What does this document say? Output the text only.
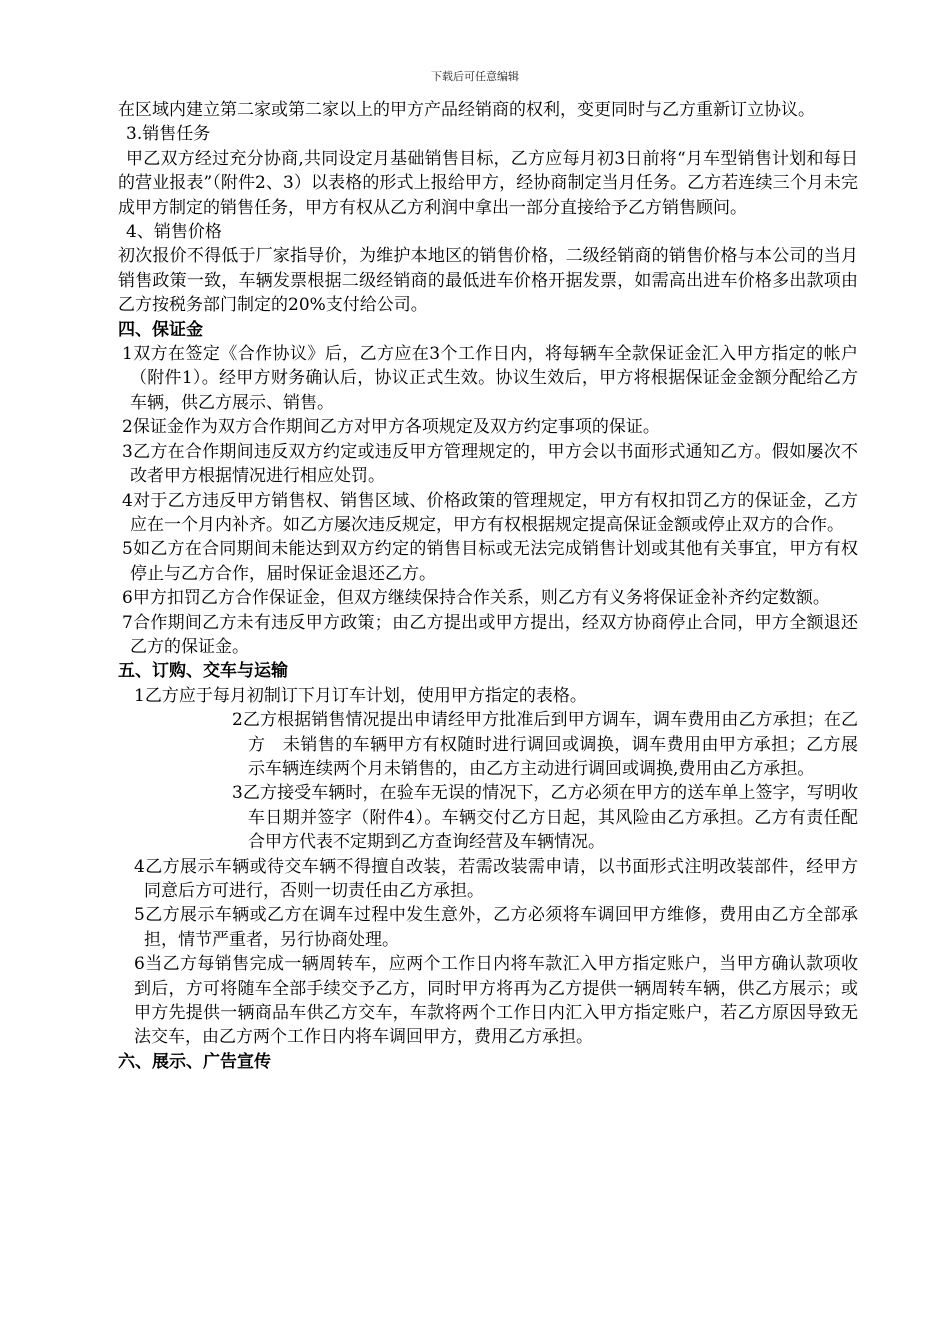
下载后可任意编辑

在区域内建立第二家或第二家以上的甲方产品经销商的权利，变更同时与乙方重新订立协议。

3.销售任务

甲乙双方经过充分协商,共同设定月基础销售目标，乙方应每月初3日前将“月车型销售计划和每日的营业报表”（附件2、3）以表格的形式上报给甲方，经协商制定当月任务。乙方若连续三个月未完成甲方制定的销售任务，甲方有权从乙方利润中拿出一部分直接给予乙方销售顾问。

4、销售价格

初次报价不得低于厂家指导价，为维护本地区的销售价格，二级经销商的销售价格与本公司的当月销售政策一致，车辆发票根据二级经销商的最低进车价格开据发票，如需高出进车价格多出款项由乙方按税务部门制定的20%支付给公司。

四、保证金

1双方在签定《合作协议》后，乙方应在3个工作日内，将每辆车全款保证金汇入甲方指定的帐户（附件1）。经甲方财务确认后，协议正式生效。协议生效后，甲方将根据保证金金额分配给乙方车辆，供乙方展示、销售。

2保证金作为双方合作期间乙方对甲方各项规定及双方约定事项的保证。

3乙方在合作期间违反双方约定或违反甲方管理规定的，甲方会以书面形式通知乙方。假如屡次不改者甲方根据情况进行相应处罚。

4对于乙方违反甲方销售权、销售区域、价格政策的管理规定，甲方有权扣罚乙方的保证金，乙方应在一个月内补齐。如乙方屡次违反规定，甲方有权根据规定提高保证金额或停止双方的合作。

5如乙方在合同期间未能达到双方约定的销售目标或无法完成销售计划或其他有关事宜，甲方有权停止与乙方合作，届时保证金退还乙方。

6甲方扣罚乙方合作保证金，但双方继续保持合作关系，则乙方有义务将保证金补齐约定数额。

7合作期间乙方未有违反甲方政策；由乙方提出或甲方提出，经双方协商停止合同，甲方全额退还乙方的保证金。

五、订购、交车与运输

1乙方应于每月初制订下月订车计划，使用甲方指定的表格。

2乙方根据销售情况提出申请经甲方批准后到甲方调车，调车费用由乙方承担；在乙方　未销售的车辆甲方有权随时进行调回或调换，调车费用由甲方承担；乙方展示车辆连续两个月未销售的，由乙方主动进行调回或调换,费用由乙方承担。

3乙方接受车辆时，在验车无误的情况下，乙方必须在甲方的送车单上签字，写明收车日期并签字（附件4）。车辆交付乙方日起，其风险由乙方承担。乙方有责任配合甲方代表不定期到乙方查询经营及车辆情况。

4乙方展示车辆或待交车辆不得擅自改装，若需改装需申请，以书面形式注明改装部件，经甲方同意后方可进行，否则一切责任由乙方承担。

5乙方展示车辆或乙方在调车过程中发生意外，乙方必须将车调回甲方维修，费用由乙方全部承担，情节严重者，另行协商处理。

6当乙方每销售完成一辆周转车，应两个工作日内将车款汇入甲方指定账户，当甲方确认款项收到后，方可将随车全部手续交予乙方，同时甲方将再为乙方提供一辆周转车辆，供乙方展示；或甲方先提供一辆商品车供乙方交车，车款将两个工作日内汇入甲方指定账户，若乙方原因导致无法交车，由乙方两个工作日内将车调回甲方，费用乙方承担。

六、展示、广告宣传
